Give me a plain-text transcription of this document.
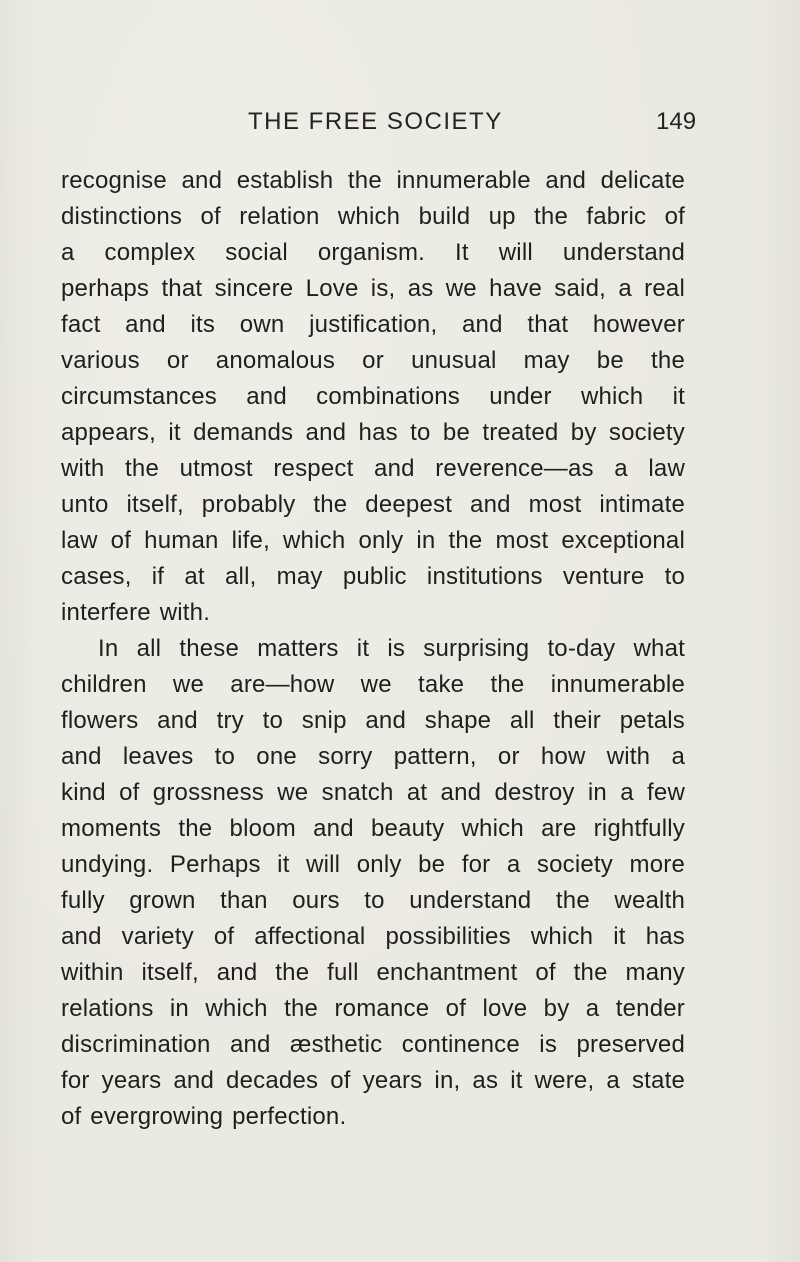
THE FREE SOCIETY	149
recognise and establish the innumerable and delicate
distinctions of relation which build up the fabric of
a complex social organism. It will understand
perhaps that sincere Love is, as we have said, a real
fact and its own justification, and that however
various or anomalous or unusual may be the
circumstances and combinations under which it
appears, it demands and has to be treated by society
with the utmost respect and reverence—as a law
unto itself, probably the deepest and most intimate
law of human life, which only in the most exceptional
cases, if at all, may public institutions venture to
interfere with.
In all these matters it is surprising to-day what
children we are—how we take the innumerable
flowers and try to snip and shape all their petals
and leaves to one sorry pattern, or how with a
kind of grossness we snatch at and destroy in a few
moments the bloom and beauty which are rightfully
undying. Perhaps it will only be for a society more
fully grown than ours to understand the wealth
and variety of affectional possibilities which it has
within itself, and the full enchantment of the many
relations in which the romance of love by a tender
discrimination and æsthetic continence is preserved
for years and decades of years in, as it were, a state
of evergrowing perfection.
